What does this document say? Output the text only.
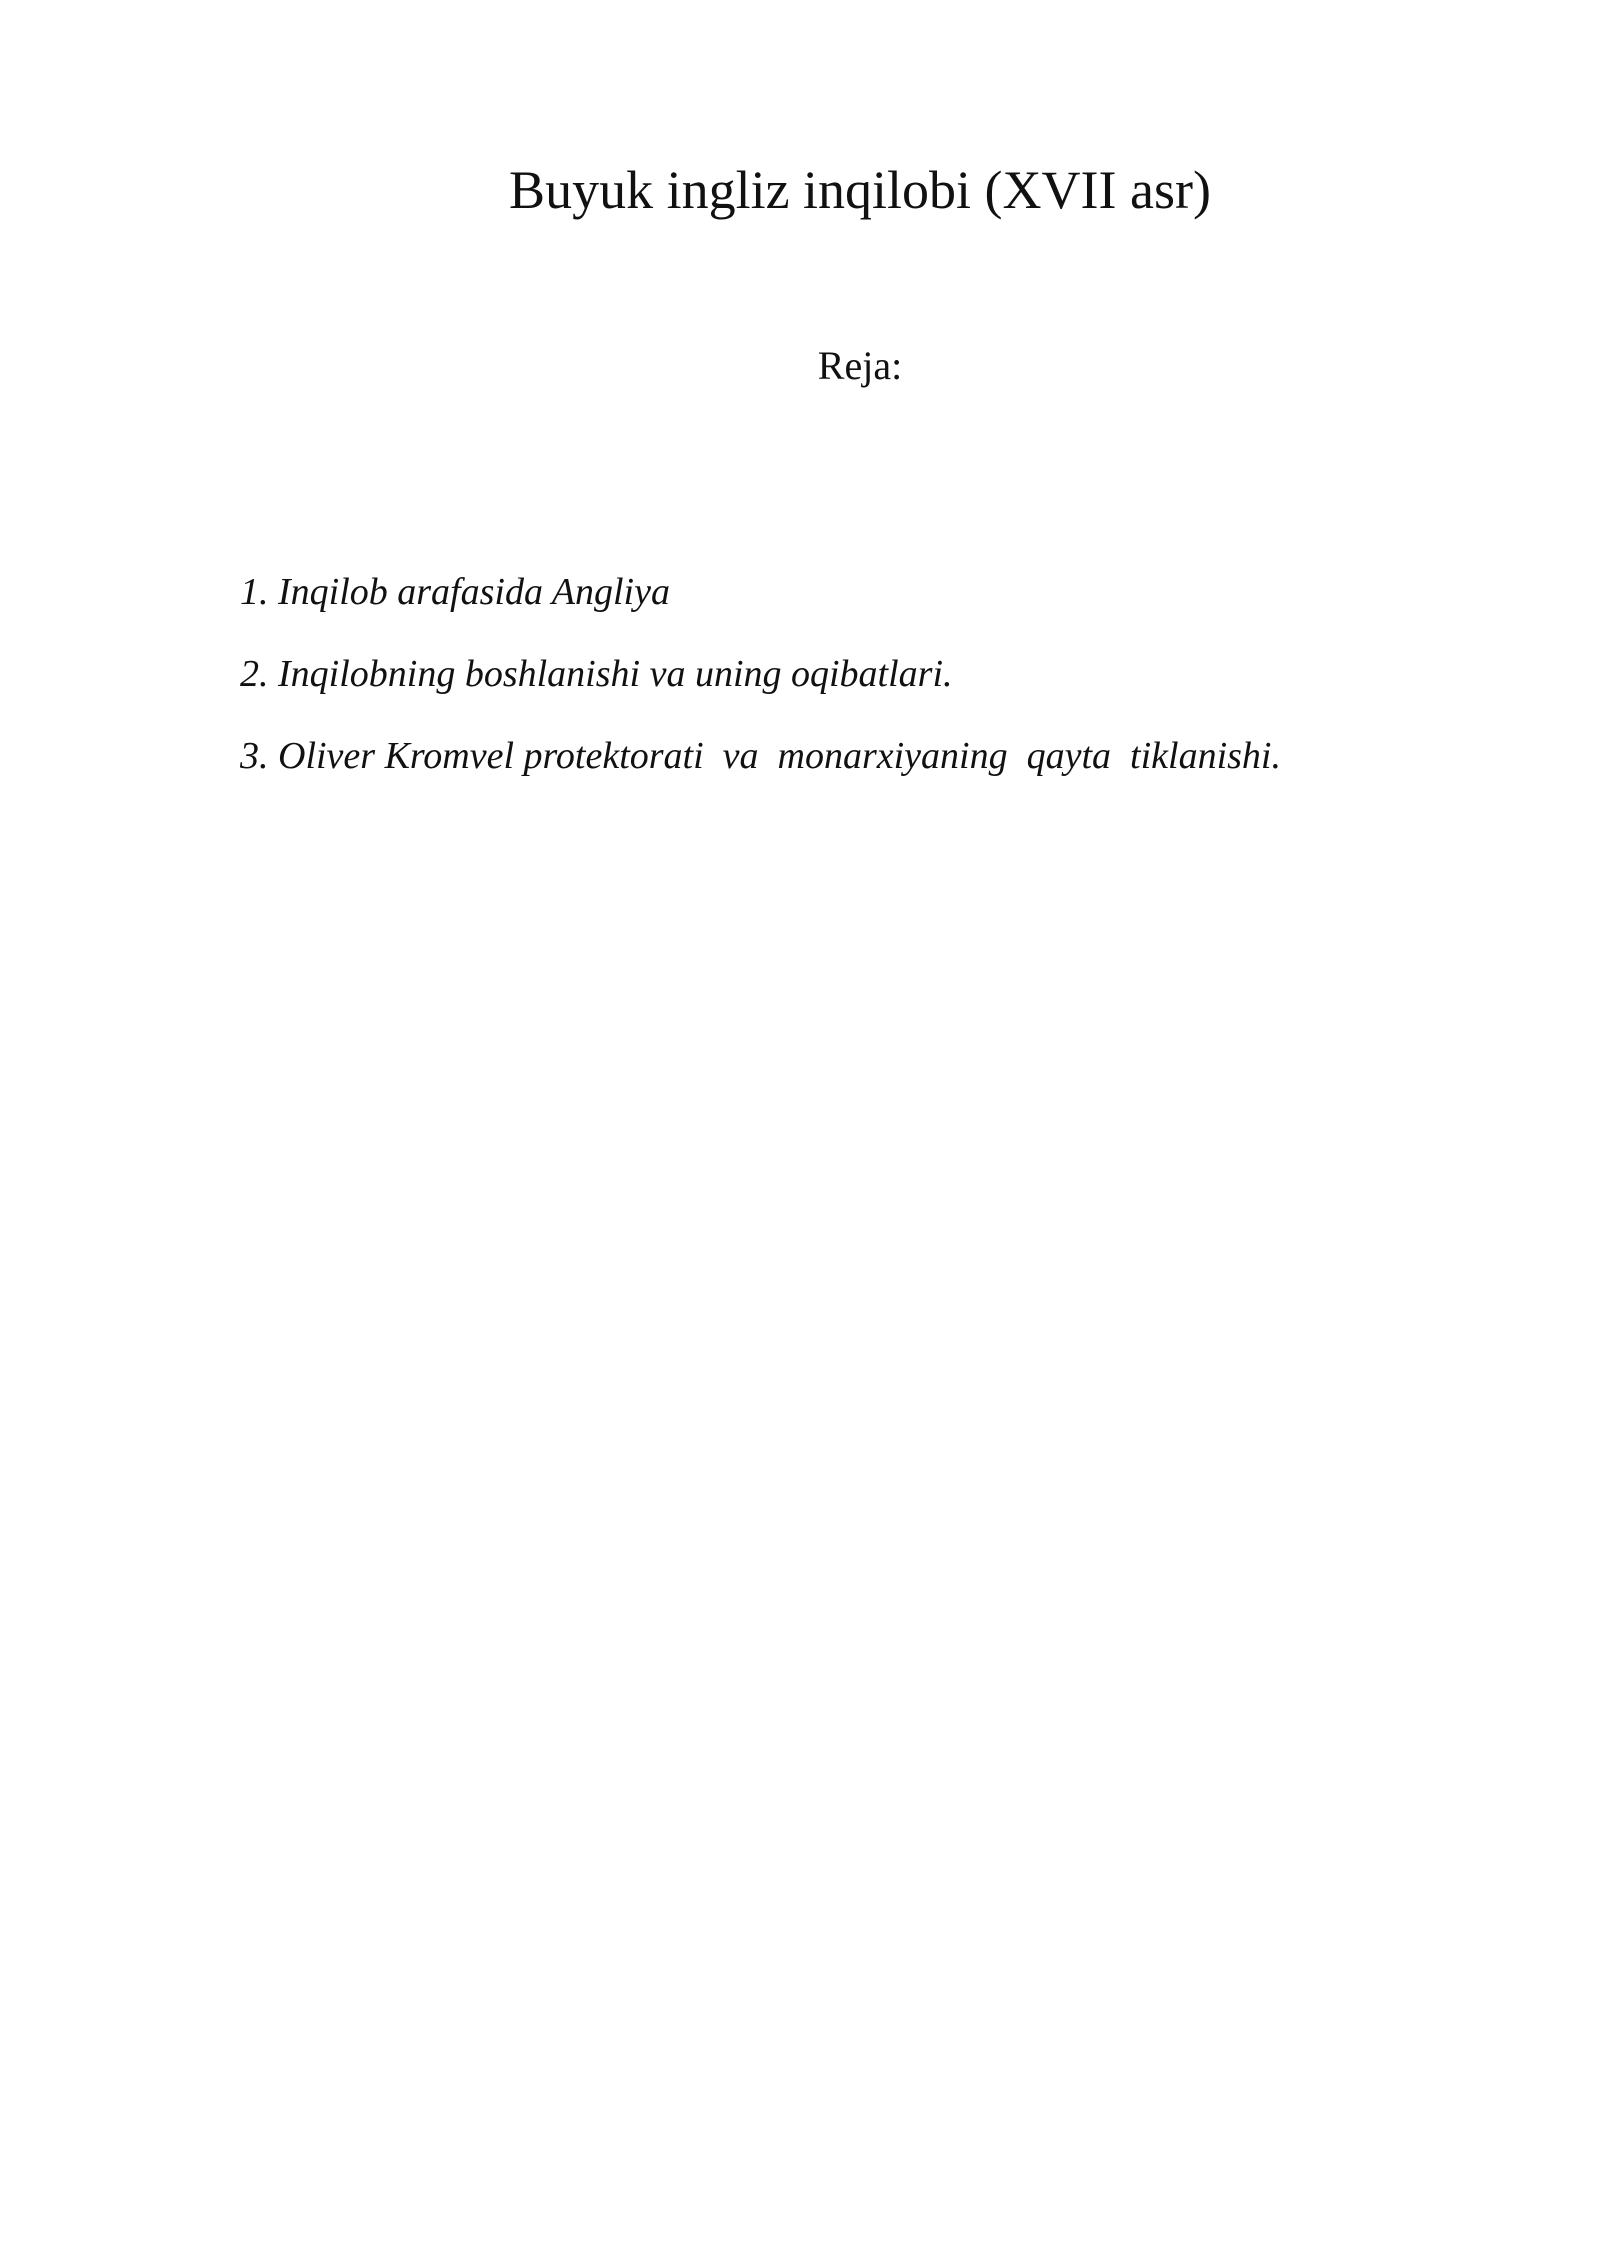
Buyuk ingliz inqilobi (XVII asr)
Reja:
1. Inqilob arafasida Angliya
2. Inqilobning boshlanishi va uning oqibatlari.
3. Oliver Kromvel protektorati  va  monarxiyaning  qayta  tiklanishi.
